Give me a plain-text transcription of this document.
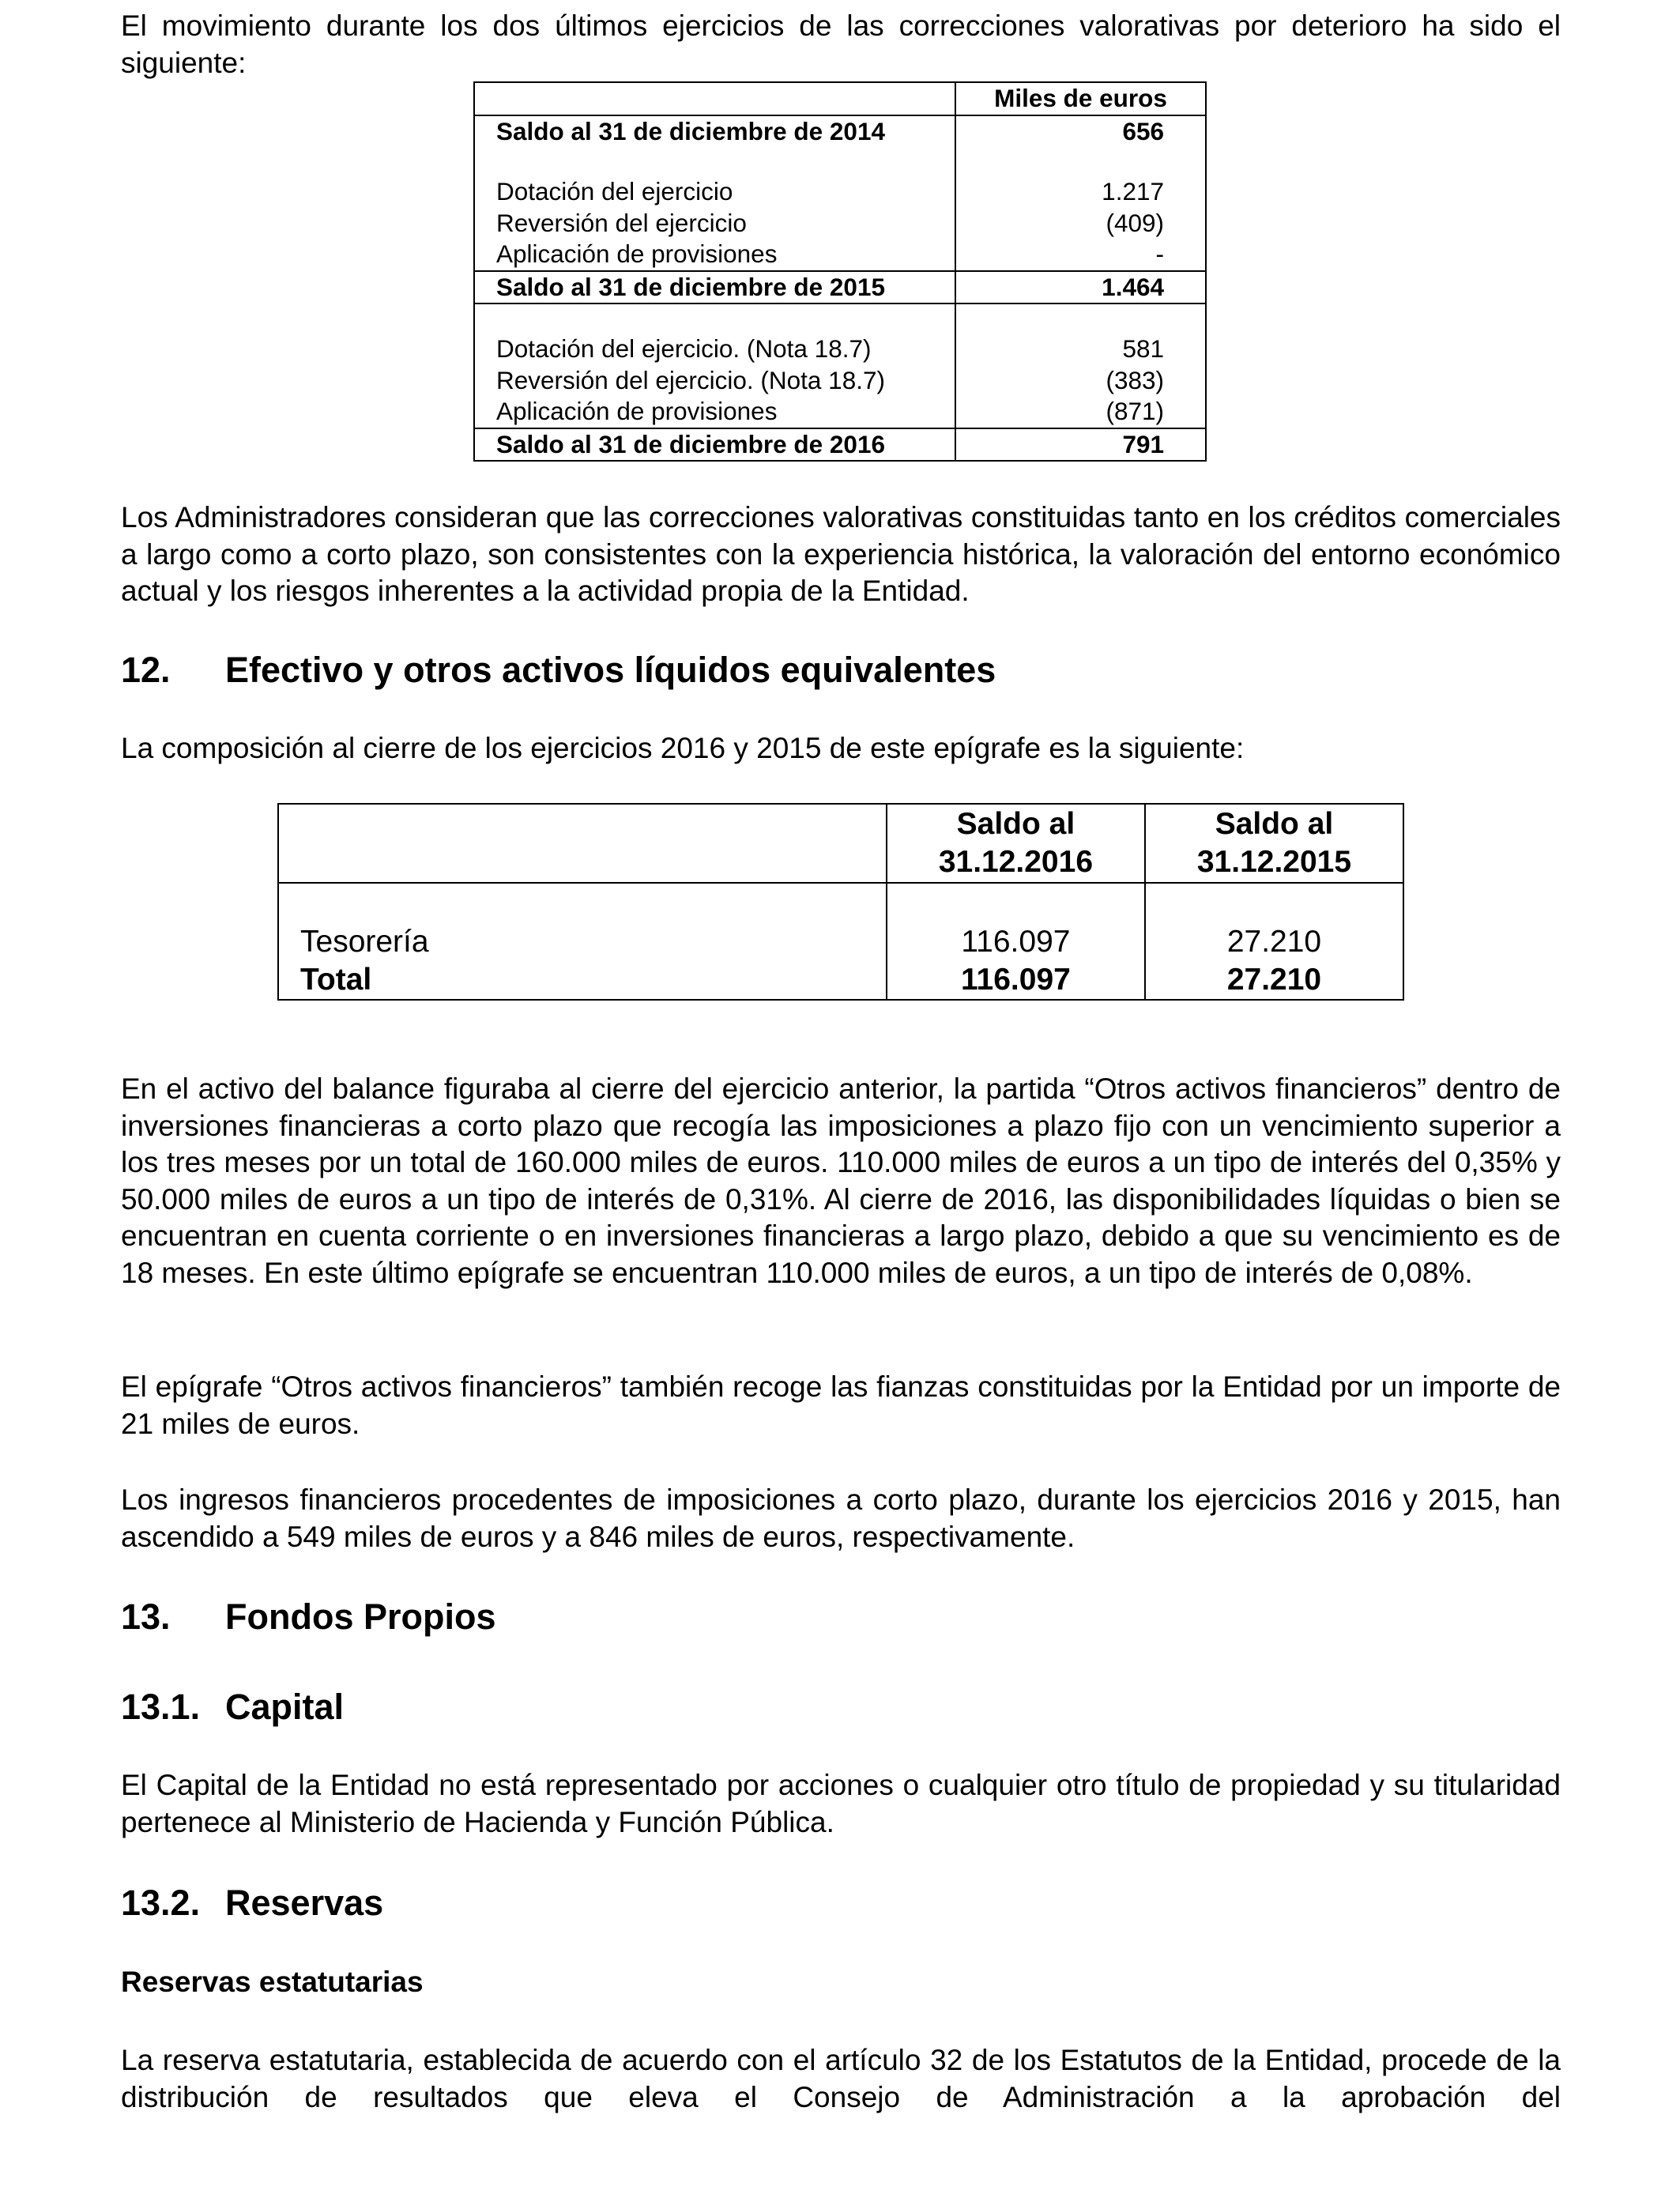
El movimiento durante los dos últimos ejercicios de las correcciones valorativas por deterioro ha sido el siguiente:

	Miles de euros
Saldo al 31 de diciembre de 2014	656

Dotación del ejercicio	1.217
Reversión del ejercicio	(409)
Aplicación de provisiones	-
Saldo al 31 de diciembre de 2015	1.464

Dotación del ejercicio. (Nota 18.7)	581
Reversión del ejercicio. (Nota 18.7)	(383)
Aplicación de provisiones	(871)
Saldo al 31 de diciembre de 2016	791

Los Administradores consideran que las correcciones valorativas constituidas tanto en los créditos comerciales a largo como a corto plazo, son consistentes con la experiencia histórica, la valoración del entorno económico actual y los riesgos inherentes a la actividad propia de la Entidad.

12. Efectivo y otros activos líquidos equivalentes

La composición al cierre de los ejercicios 2016 y 2015 de este epígrafe es la siguiente:

	Saldo al 31.12.2016	Saldo al 31.12.2015
Tesorería	116.097	27.210
Total	116.097	27.210

En el activo del balance figuraba al cierre del ejercicio anterior, la partida “Otros activos financieros” dentro de inversiones financieras a corto plazo que recogía las imposiciones a plazo fijo con un vencimiento superior a los tres meses por un total de 160.000 miles de euros. 110.000 miles de euros a un tipo de interés del 0,35% y 50.000 miles de euros a un tipo de interés de 0,31%. Al cierre de 2016, las disponibilidades líquidas o bien se encuentran en cuenta corriente o en inversiones financieras a largo plazo, debido a que su vencimiento es de 18 meses. En este último epígrafe se encuentran 110.000 miles de euros, a un tipo de interés de 0,08%.

El epígrafe “Otros activos financieros” también recoge las fianzas constituidas por la Entidad por un importe de 21 miles de euros.

Los ingresos financieros procedentes de imposiciones a corto plazo, durante los ejercicios 2016 y 2015, han ascendido a 549 miles de euros y a 846 miles de euros, respectivamente.

13. Fondos Propios
13.1. Capital

El Capital de la Entidad no está representado por acciones o cualquier otro título de propiedad y su titularidad pertenece al Ministerio de Hacienda y Función Pública.

13.2. Reservas
Reservas estatutarias

La reserva estatutaria, establecida de acuerdo con el artículo 32 de los Estatutos de la Entidad, procede de la distribución de resultados que eleva el Consejo de Administración a la aprobación del
